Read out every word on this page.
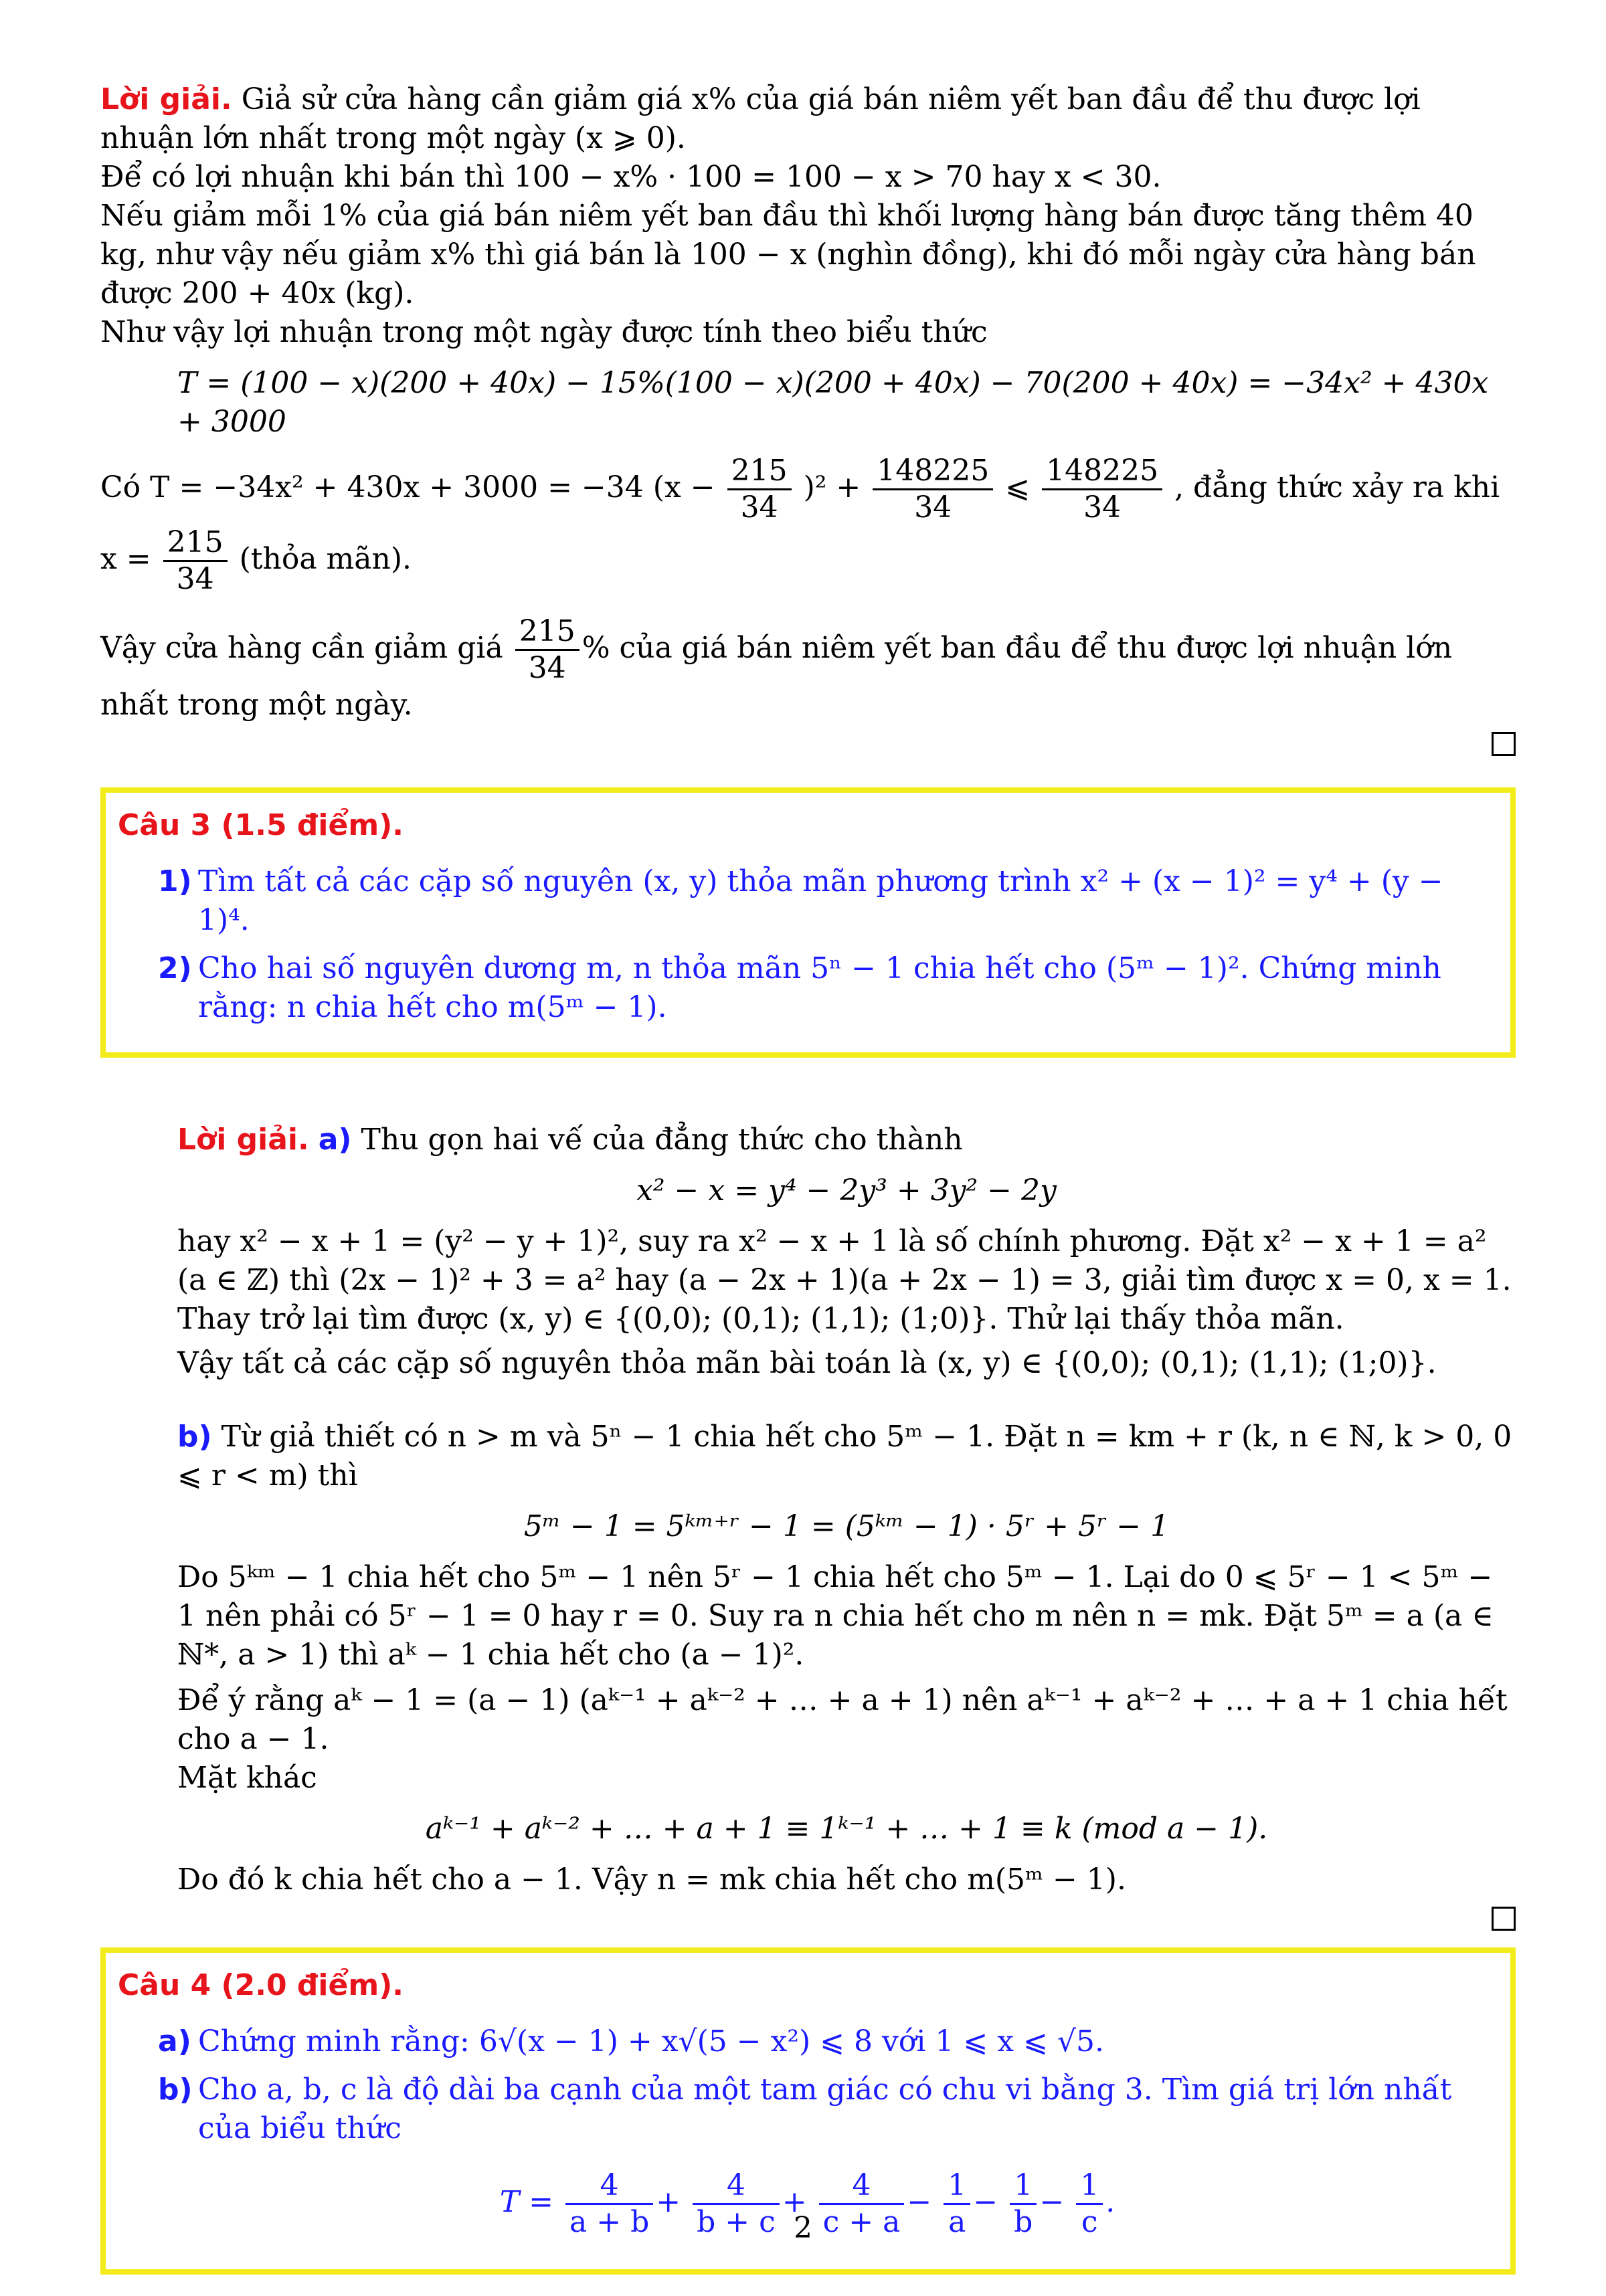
Lời giải. Giả sử cửa hàng cần giảm giá x% của giá bán niêm yết ban đầu để thu được lợi nhuận lớn nhất trong một ngày (x ⩾ 0).

Để có lợi nhuận khi bán thì 100 − x% · 100 = 100 − x > 70 hay x < 30.

Nếu giảm mỗi 1% của giá bán niêm yết ban đầu thì khối lượng hàng bán được tăng thêm 40 kg, như vậy nếu giảm x% thì giá bán là 100 − x (nghìn đồng), khi đó mỗi ngày cửa hàng bán được 200 + 40x (kg).

Như vậy lợi nhuận trong một ngày được tính theo biểu thức

T = (100 − x)(200 + 40x) − 15%(100 − x)(200 + 40x) − 70(200 + 40x) = −34x² + 430x + 3000

Có T = −34x² + 430x + 3000 = −34 $(x - \frac{215}{34} )^2 + \frac{148225}{34}$ ⩽ $\frac{148225}{34}$ , đẳng thức xảy ra khi $x = \frac{215}{34}$ (thỏa mãn).

Vậy cửa hàng cần giảm giá $\frac{215}{34}$ % của giá bán niêm yết ban đầu để thu được lợi nhuận lớn nhất trong một ngày.

Câu 3 (1.5 điểm).

1) Tìm tất cả các cặp số nguyên (x, y) thỏa mãn phương trình x² + (x − 1)² = y⁴ + (y − 1)⁴.
2) Cho hai số nguyên dương m, n thỏa mãn 5ⁿ − 1 chia hết cho (5ᵐ − 1)². Chứng minh rằng: n chia hết cho m(5ᵐ − 1).

Lời giải. a) Thu gọn hai vế của đẳng thức cho thành

x² − x = y⁴ − 2y³ + 3y² − 2y

hay x² − x + 1 = (y² − y + 1)², suy ra x² − x + 1 là số chính phương. Đặt x² − x + 1 = a² (a ∈ ℤ) thì (2x − 1)² + 3 = a² hay (a − 2x + 1)(a + 2x − 1) = 3, giải tìm được x = 0, x = 1. Thay trở lại tìm được (x, y) ∈ {(0,0); (0,1); (1,1); (1;0)}. Thử lại thấy thỏa mãn.

Vậy tất cả các cặp số nguyên thỏa mãn bài toán là (x, y) ∈ {(0,0); (0,1); (1,1); (1;0)}.

b) Từ giả thiết có n > m và 5ⁿ − 1 chia hết cho 5ᵐ − 1. Đặt n = km + r (k, n ∈ ℕ, k > 0, 0 ⩽ r < m) thì

5ᵐ − 1 = 5ᵏᵐ⁺ʳ − 1 = (5ᵏᵐ − 1) · 5ʳ + 5ʳ − 1

Do 5ᵏᵐ − 1 chia hết cho 5ᵐ − 1 nên 5ʳ − 1 chia hết cho 5ᵐ − 1. Lại do 0 ⩽ 5ʳ − 1 < 5ᵐ − 1 nên phải có 5ʳ − 1 = 0 hay r = 0. Suy ra n chia hết cho m nên n = mk. Đặt 5ᵐ = a (a ∈ ℕ*, a > 1) thì aᵏ − 1 chia hết cho (a − 1)².

Để ý rằng aᵏ − 1 = (a − 1) (aᵏ⁻¹ + aᵏ⁻² + … + a + 1) nên aᵏ⁻¹ + aᵏ⁻² + … + a + 1 chia hết cho a − 1.

Mặt khác

aᵏ⁻¹ + aᵏ⁻² + … + a + 1 ≡ 1ᵏ⁻¹ + … + 1 ≡ k (mod a − 1).

Do đó k chia hết cho a − 1. Vậy n = mk chia hết cho m(5ᵐ − 1).

Câu 4 (2.0 điểm).

a) Chứng minh rằng: 6√(x − 1) + x√(5 − x²) ⩽ 8 với 1 ⩽ x ⩽ √5.
b) Cho a, b, c là độ dài ba cạnh của một tam giác có chu vi bằng 3. Tìm giá trị lớn nhất của biểu thức

$T = \frac{4}{a + b} + \frac{4}{b + c} + \frac{4}{c + a} - \frac{1}{a} - \frac{1}{b} - \frac{1}{c}$ .

2
